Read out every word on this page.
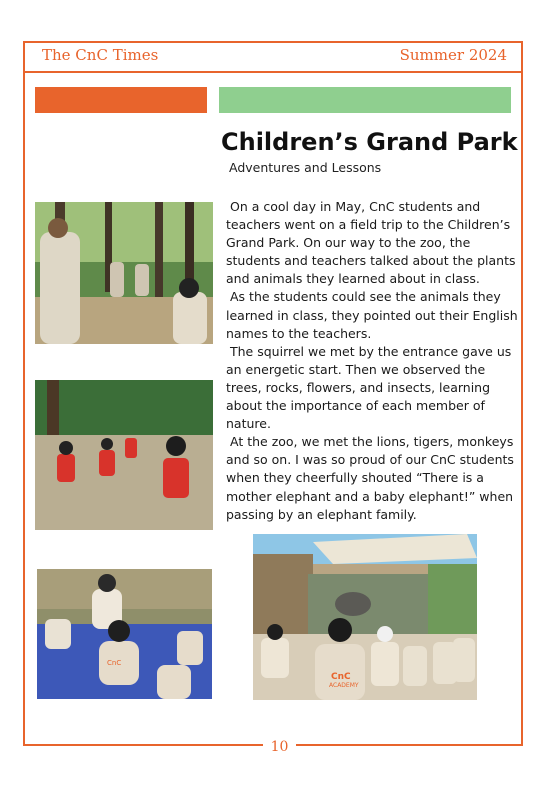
The CnC Times	Summer 2024
Children’s Grand Park
Adventures and Lessons

On a cool day in May, CnC students and teachers went on a field trip to the Children’s Grand Park. On our way to the zoo, the students and teachers talked about the plants and animals they learned about in class.

As the students could see the animals they learned in class, they pointed out their English names to the teachers.

The squirrel we met by the entrance gave us an energetic start. Then we observed the trees, rocks, flowers, and insects, learning about the importance of each member of nature.

At the zoo, we met the lions, tigers, monkeys and so on. I was so proud of our CnC students when they cheerfully shouted “There is a mother elephant and a baby elephant!” when passing by an elephant family.

CnC
CnC
ACADEMY
10
